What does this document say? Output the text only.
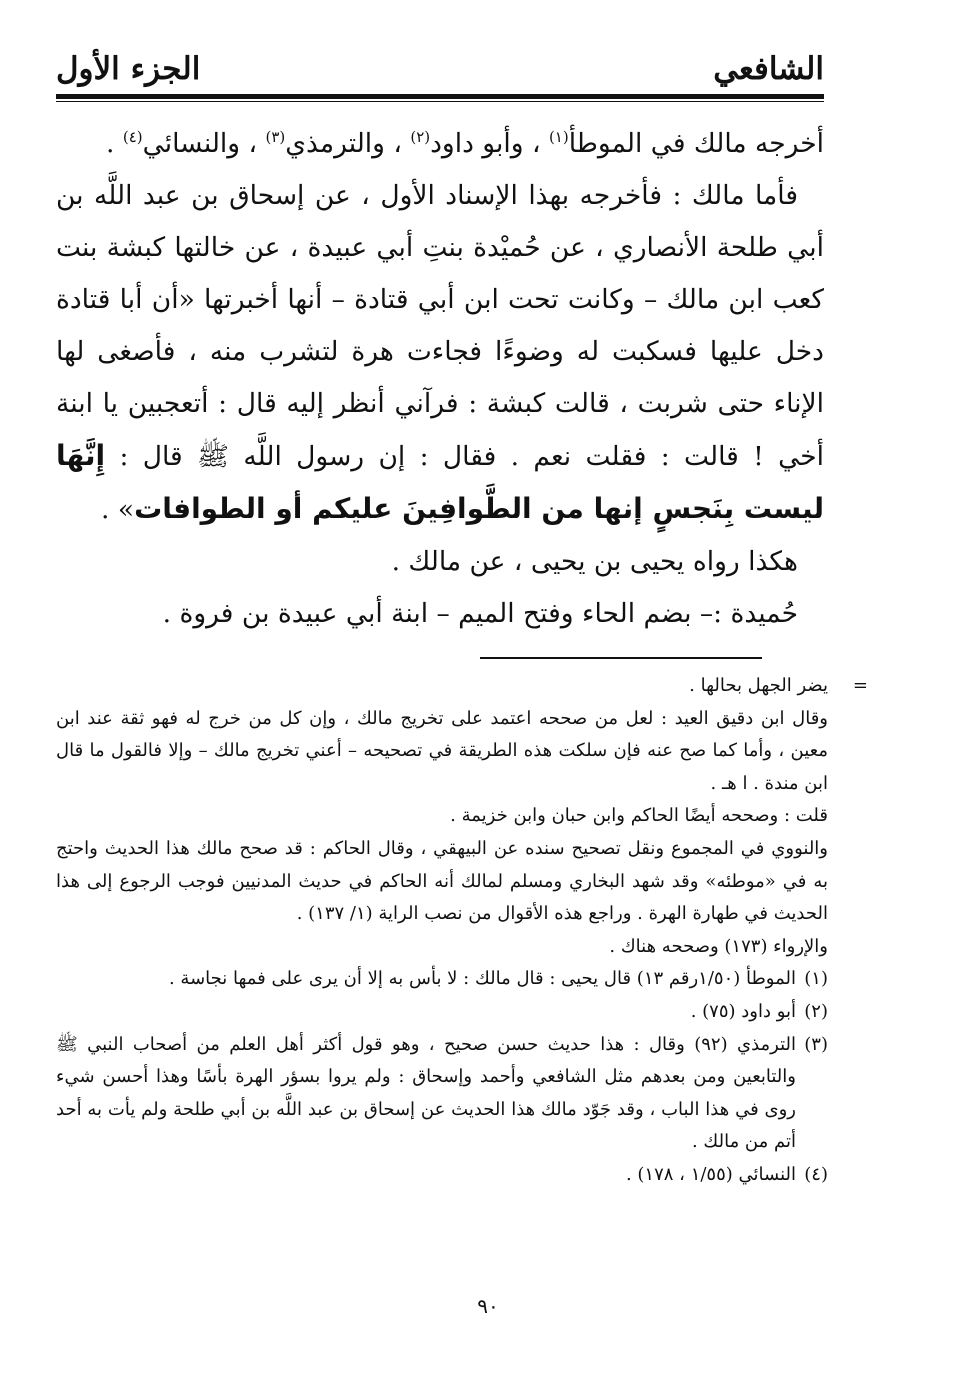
الشافعي
الجزء الأول

أخرجه مالك في الموطأ$^{(١)}$ ، وأبو داود$^{(٢)}$ ، والترمذي$^{(٣)}$ ، والنسائي$^{(٤)}$ .

فأما مالك : فأخرجه بهذا الإسناد الأول ، عن إسحاق بن عبد اللَّه بن أبي طلحة الأنصاري ، عن حُميْدة بنتِ أبي عبيدة ، عن خالتها كبشة بنت كعب ابن مالك – وكانت تحت ابن أبي قتادة – أنها أخبرتها «أن أبا قتادة دخل عليها فسكبت له وضوءًا فجاءت هرة لتشرب منه ، فأصغى لها الإناء حتى شربت ، قالت كبشة : فرآني أنظر إليه قال : أتعجبين يا ابنة أخي ! قالت : فقلت نعم . فقال : إن رسول اللَّه ﷺ قال : إِنَّهَا ليست بِنَجسٍ إنها من الطَّوافِينَ عليكم أو الطوافات» .

هكذا رواه يحيى بن يحيى ، عن مالك .

حُميدة :– بضم الحاء وفتح الميم – ابنة أبي عبيدة بن فروة .

=

يضر الجهل بحالها .

وقال ابن دقيق العيد : لعل من صححه اعتمد على تخريج مالك ، وإن كل من خرج له فهو ثقة عند ابن معين ، وأما كما صح عنه فإن سلكت هذه الطريقة في تصحيحه – أعني تخريج مالك – وإلا فالقول ما قال ابن مندة . ا هـ .

قلت : وصححه أيضًا الحاكم وابن حبان وابن خزيمة .

والنووي في المجموع ونقل تصحيح سنده عن البيهقي ، وقال الحاكم : قد صحح مالك هذا الحديث واحتج به في «موطئه» وقد شهد البخاري ومسلم لمالك أنه الحاكم في حديث المدنيين فوجب الرجوع إلى هذا الحديث في طهارة الهرة . وراجع هذه الأقوال من نصب الراية (١/ ١٣٧) .

والإرواء (١٧٣) وصححه هناك .

(١)
الموطأ (١/٥٠رقم ١٣) قال يحيى : قال مالك : لا بأس به إلا أن يرى على فمها نجاسة .
(٢)
أبو داود (٧٥) .
(٣)
الترمذي (٩٢) وقال : هذا حديث حسن صحيح ، وهو قول أكثر أهل العلم من أصحاب النبي ﷺ والتابعين ومن بعدهم مثل الشافعي وأحمد وإسحاق : ولم يروا بسؤر الهرة بأسًا وهذا أحسن شيء روى في هذا الباب ، وقد جَوّد مالك هذا الحديث عن إسحاق بن عبد اللَّه بن أبي طلحة ولم يأت به أحد أتم من مالك .
(٤)
النسائي (١/٥٥ ، ١٧٨) .
٩٠
